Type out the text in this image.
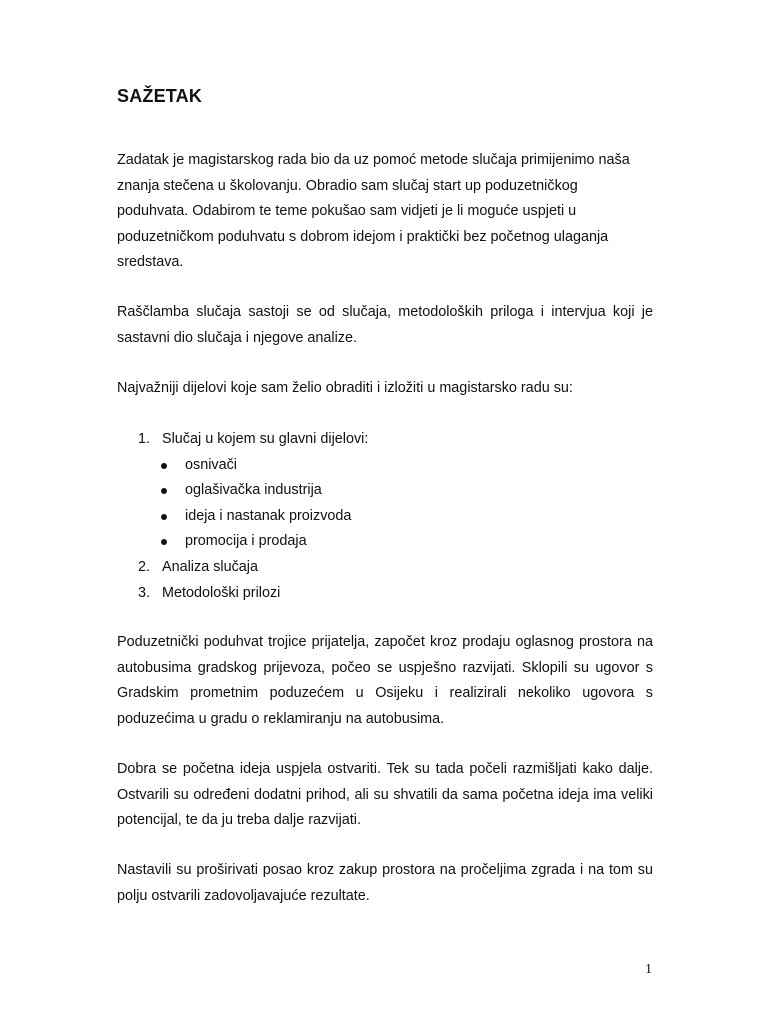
SAŽETAK

Zadatak je magistarskog rada bio da uz pomoć metode slučaja primijenimo naša znanja stečena u školovanju. Obradio sam slučaj start up poduzetničkog poduhvata. Odabirom te teme pokušao sam vidjeti je li moguće uspjeti u poduzetničkom poduhvatu s dobrom idejom i praktički bez početnog ulaganja sredstava.

Raščlamba slučaja sastoji se od slučaja, metodoloških priloga i intervjua koji je sastavni dio slučaja i njegove analize.

Najvažniji dijelovi koje sam želio obraditi i izložiti u magistarsko radu su:

1. Slučaj u kojem su glavni dijelovi:
osnivači
oglašivačka industrija
ideja i nastanak proizvoda
promocija i prodaja
2. Analiza slučaja
3. Metodološki prilozi

Poduzetnički poduhvat trojice prijatelja, započet kroz prodaju oglasnog prostora na autobusima gradskog prijevoza, počeo se uspješno razvijati. Sklopili su ugovor s Gradskim prometnim poduzećem u Osijeku i realizirali nekoliko ugovora s poduzećima u gradu o reklamiranju na autobusima.

Dobra se početna ideja uspjela ostvariti. Tek su tada počeli razmišljati kako dalje. Ostvarili su određeni dodatni prihod, ali su shvatili da sama početna ideja ima veliki potencijal, te da ju treba dalje razvijati.

Nastavili su proširivati posao kroz zakup prostora na pročeljima zgrada i na tom su polju ostvarili zadovoljavajuće rezultate.

1
